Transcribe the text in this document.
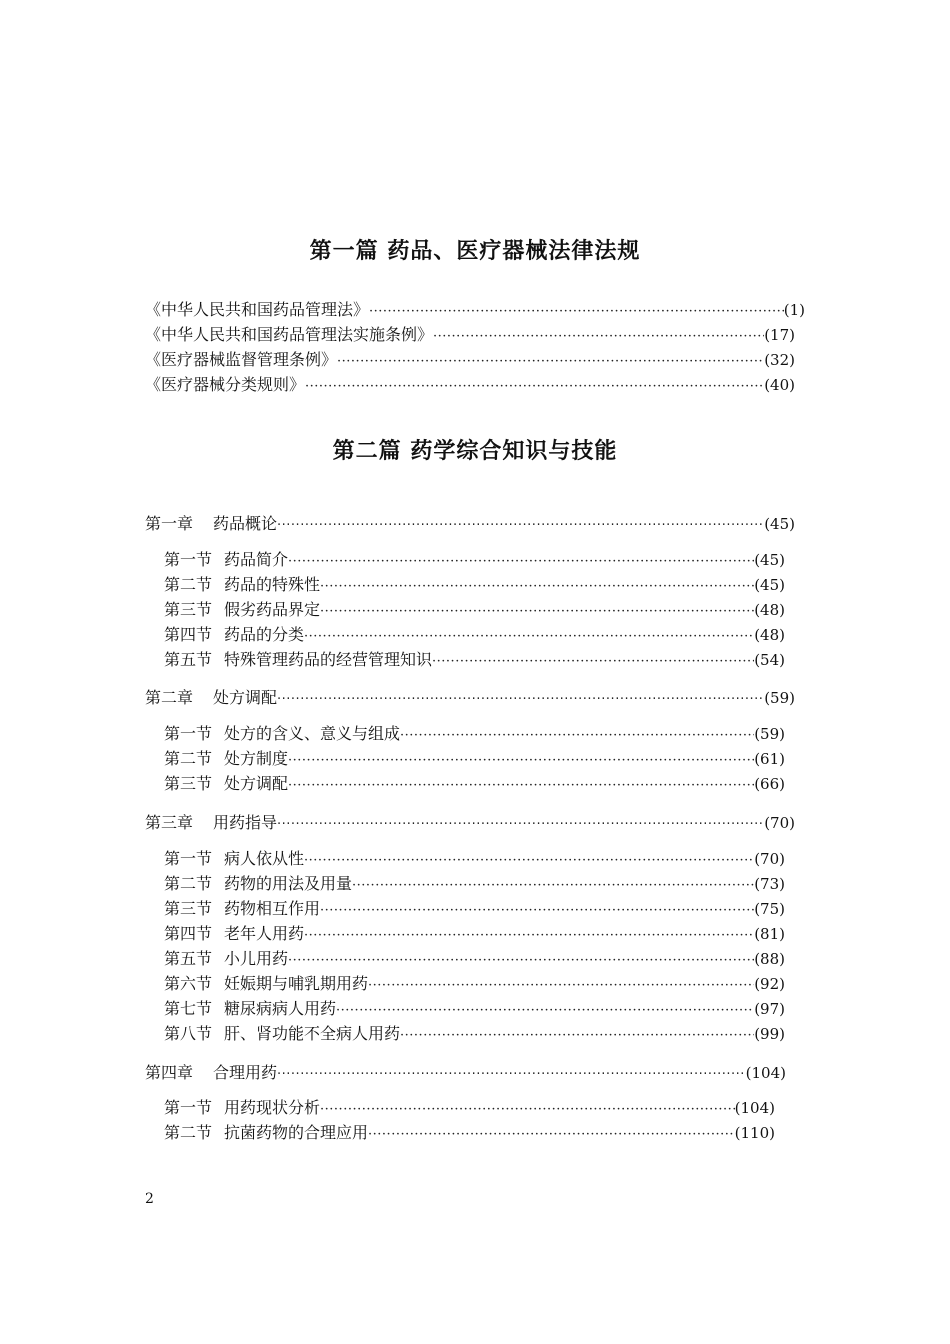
第一篇 药品、医疗器械法律法规
《中华人民共和国药品管理法》 ·····	(1)
《中华人民共和国药品管理法实施条例》 ·····	(17)
《医疗器械监督管理条例》 ·····	(32)
《医疗器械分类规则》 ·····	(40)
第一章 药品概论 ·····	(45)
第一节 药品简介 ·····	(45)
第二节 药品的特殊性 ·····	(45)
第三节 假劣药品界定 ·····	(48)
第四节 药品的分类 ·····	(48)
第五节 特殊管理药品的经营管理知识 ·····	(54)
第二章 处方调配 ·····	(59)
第一节 处方的含义、意义与组成 ·····	(59)
第二节 处方制度 ·····	(61)
第三节 处方调配 ·····	(66)
第三章 用药指导 ·····	(70)
第一节 病人依从性 ·····	(70)
第二节 药物的用法及用量 ·····	(73)
第三节 药物相互作用 ·····	(75)
第四节 老年人用药 ·····	(81)
第五节 小儿用药 ·····	(88)
第六节 妊娠期与哺乳期用药 ·····	(92)
第七节 糖尿病病人用药 ·····	(97)
第八节 肝、肾功能不全病人用药 ·····	(99)
第四章 合理用药 ·····	(104)
第一节 用药现状分析 ·····	(104)
第二节 抗菌药物的合理应用 ·····	(110)
第二篇 药学综合知识与技能
2
